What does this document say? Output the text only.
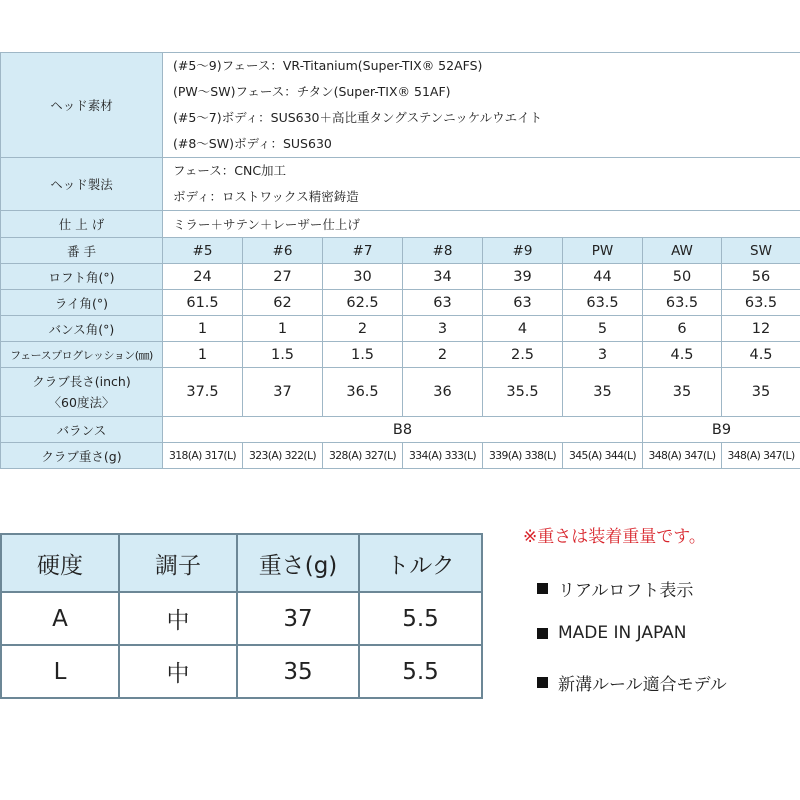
ヘッド素材	(#5～9)フェース：VR-Titanium(Super-TIX® 52AFS)
(PW～SW)フェース：チタン(Super-TIX® 51AF)
(#5～7)ボディ：SUS630＋高比重タングステンニッケルウエイト
(#8～SW)ボディ：SUS630							

ヘッド製法	フェース：CNC加工
ボディ：ロストワックス精密鋳造							

仕 上 げ	ミラー＋サテン＋レーザー仕上げ							
番 手	#5	#6	#7	#8	#9	PW	AW	SW
ロフト角(°)	24	27	30	34	39	44	50	56
ライ角(°)	61.5	62	62.5	63	63	63.5	63.5	63.5
バンス角(°)	1	1	2	3	4	5	6	12
フェースプログレッション(㎜)	1	1.5	1.5	2	2.5	3	4.5	4.5

クラブ長さ(inch)
〈60度法〉	37.5	37	36.5	36	35.5	35	35	35
バランス	B8						B9	
クラブ重さ(g)	318(A) 317(L)	323(A) 322(L)	328(A) 327(L)	334(A) 333(L)	339(A) 338(L)	345(A) 344(L)	348(A) 347(L)	348(A) 347(L)
硬度	調子	重さ(g)	トルク
A	中	37	5.5
L	中	35	5.5
※重さは装着重量です。
リアルロフト表示
MADE IN JAPAN
新溝ルール適合モデル
